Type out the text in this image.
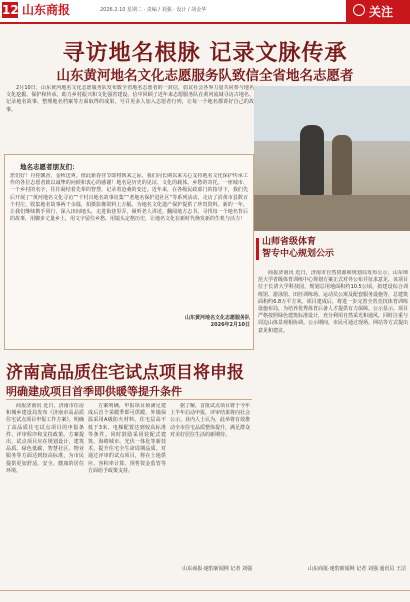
12 山东商报	2026.2.10 星期二 · 责编 / 刘强 · 设计 / 胡金华	关注
寻访地名根脉 记录文脉传承
山东黄河地名文化志愿服务队致信全省地名志愿者
2月10日，山东黄河地名文化志愿服务队发布致全省地名志愿者的一封信，倡议社会各界力量共同参与地名文化挖掘、保护和传承，助力乡村振兴和文化强省建设。信中回顾了近年来志愿服务队在黄河流域寻访古地名、记录地名故事、整理地名档案等方面取得的成果，号召更多人加入志愿者行列，让每一个地名都讲好自己的故事。
地名志愿者朋友们：
您们好！丹桂飘香，金秋送爽。值此新春佳节即将到来之际，我们向长期以来关心支持地名文化保护传承工作的各位志愿者致以诚挚的问候和衷心的感谢！地名是历史的见证、文化的载体、乡愁的寄托。一座城市、一个乡村的名字，往往凝结着先辈的智慧，记录着沧桑的变迁。近年来，在各级民政部门的指导下，我们先后开展了“黄河地名文化寻访”“千村百地名故事征集”“老地名保护进社区”等系列活动，走访了沿黄市县数百个村庄，收集地名故事两千余篇，拍摄影像资料上万幅，为地名文化遗产保护提供了珍贵资料。新的一年，让我们继续携手同行，深入田间地头、走进街巷里弄，倾听老人讲述，翻阅地方志书，寻找每一个地名背后的故事，用脚步丈量乡土，用文字留住乡愁，用镜头定格历史，让地名文化在新时代焕发新的生机与活力！
山东黄河地名文化志愿服务队
2026年2月10日
山师省级体育
智专中心规划公示
商报济南讯 近日，济南市自然资源和规划局发布公示，山东师范大学省级体育训练中心规划方案正式对外公布并征求意见。该项目位于长清大学科技园，规划总用地面积约10.5公顷，拟建设综合训练馆、游泳馆、田径训练场、运动员公寓及配套服务设施等，总建筑面积约6.8万平方米。项目建成后，将进一步完善全省竞技体育训练设施布局，为培养优秀体育后备人才提供有力保障。公示显示，项目严格按照绿色建筑标准设计，充分利用自然采光和通风，同时注重与周边山体景观相协调。公示期间，市民可通过现场、网站等方式提出意见和建议。
山东商报·速豹新闻网 记者 刘强 通讯员 王洁
济南高品质住宅试点项目将申报
明确建成项目首季即供暖等提升条件
商报济南讯 近日，济南市住房和城乡建设局发布《济南市高品质住宅试点项目申报工作方案》，明确了高品质住宅试点项目的申报条件、评审程序和支持政策。方案提出，试点项目应在规划设计、建筑品质、绿色低碳、智慧社区、物业服务等方面达到较高标准，为市民提供更加舒适、安全、健康的居住环境。
方案明确，申报项目须满足建成后首个采暖季即可供暖、外墙保温采用A级防火材料、住宅层高不低于3米、电梯配置达到较高标准等条件。同时鼓励采用装配式建筑、海绵城市、光伏一体化等新技术，提升住宅全生命周期品质。对通过评审的试点项目，将在土地供应、容积率计算、预售资金监管等方面给予政策支持。
据了解，首批试点项目将于今年上半年启动申报，评审结果将向社会公示。业内人士认为，此举将有效推动全市住宅品质整体提升，满足群众对美好居住生活的新期待。
山东商报·速豹新闻网 记者 刘强
